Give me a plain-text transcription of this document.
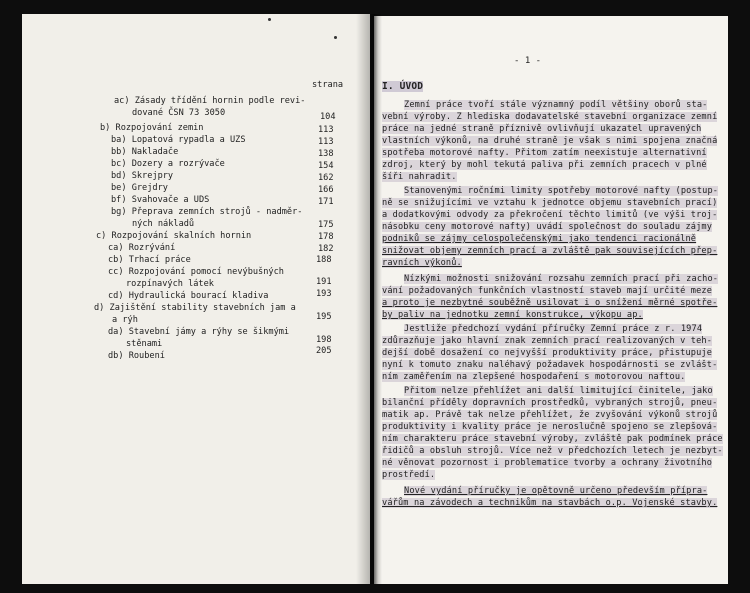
strana
ac) Zásady třídění hornin podle revi-
dované ČSN 73 3050	104
b) Rozpojování zemin	113
ba) Lopatová rypadla a UZS	113
bb) Nakladače	138
bc) Dozery a rozrývače	154
bd) Skrejpry	162
be) Grejdry	166
bf) Svahovače a UDS	171
bg) Přeprava zemních strojů - nadměr-
ných nákladů	175
c) Rozpojování skalních hornin	178
ca) Rozrývání	182
cb) Trhací práce	188
cc) Rozpojování pomocí nevýbušných
rozpínavých látek	191
cd) Hydraulická bourací kladiva	193
d) Zajištění stability stavebních jam a
a rýh	195
da) Stavební jámy a rýhy se šikmými
stěnami	198
db) Roubení	205
- 1 -
I. ÚVOD
Zemní práce tvoří stále významný podíl většiny oborů sta-
vební výroby. Z hlediska dodavatelské stavební organizace zemní
práce na jedné straně příznivě ovlivňují ukazatel upravených
vlastních výkonů, na druhé straně je však s nimi spojena značná
spotřeba motorové nafty. Přitom zatím neexistuje alternativní
zdroj, který by mohl tekutá paliva při zemních pracech v plné
šíři nahradit.
Stanovenými ročními limity spotřeby motorové nafty (postup-
ně se snižujícími ve vztahu k jednotce objemu stavebních prací)
a dodatkovými odvody za překročení těchto limitů (ve výši troj-
násobku ceny motorové nafty) uvádí společnost do souladu zájmy
podniků se zájmy celospolečenskými jako tendenci racionálně
snižovat objemy zemních prací a zvláště pak souvisejících přep-
ravních výkonů.
Nízkými možnosti snižování rozsahu zemních prací při zacho-
vání požadovaných funkčních vlastností staveb mají určité meze
a proto je nezbytné souběžně usilovat i o snížení měrné spotře-
by paliv na jednotku zemní konstrukce, výkopu ap.
Jestliže předchozí vydání příručky Zemní práce z r. 1974
zdůrazňuje jako hlavní znak zemních prací realizovaných v teh-
dejší době dosažení co nejvyšší produktivity práce, přistupuje
nyní k tomuto znaku naléhavý požadavek hospodárnosti se zvlášt-
ním zaměřením na zlepšené hospodaření s motorovou naftou.
Přitom nelze přehlížet ani další limitující činitele, jako
bilanční příděly dopravních prostředků, vybraných strojů, pneu-
matik ap. Právě tak nelze přehlížet, že zvyšování výkonů strojů
produktivity i kvality práce je neroslučně spojeno se zlepšová-
ním charakteru práce stavební výroby, zvláště pak podmínek práce
řidičů a obsluh strojů. Více než v předchozích letech je nezbyt-
né věnovat pozornost i problematice tvorby a ochrany životního
prostředí.
Nové vydání příručky je opětovně určeno především přípra-
vářům na závodech a technikům na stavbách o.p. Vojenské stavby.
